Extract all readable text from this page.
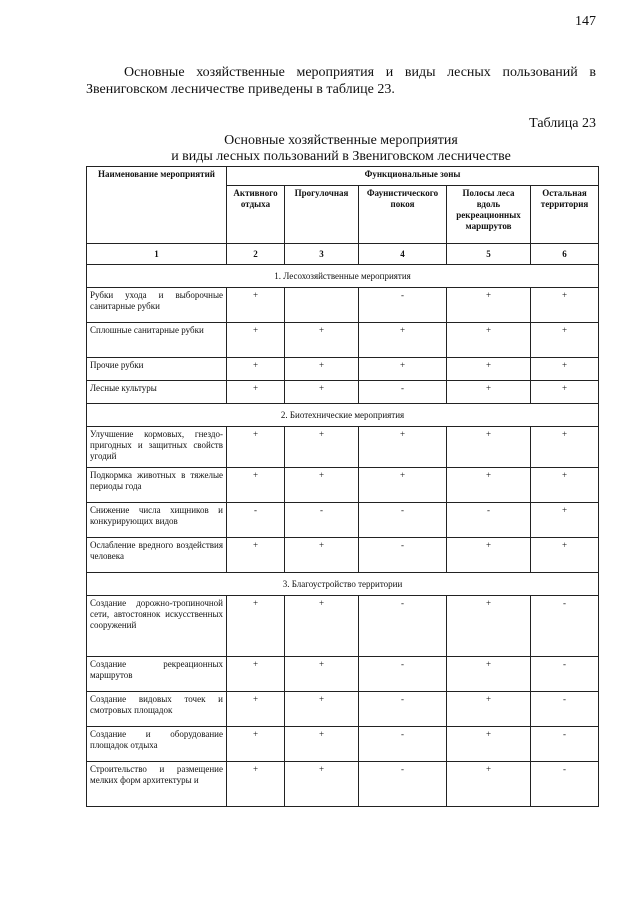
147

Основные хозяйственные мероприятия и виды лесных пользований в Звениговском лесничестве приведены в таблице 23.

Таблица 23
Основные хозяйственные мероприятия
и виды лесных пользований в Звениговском лесничестве
Наименование мероприятий	Функциональные зоны				
	Активного отдыха	Прогулочная	Фаунистического покоя	Полосы леса вдоль рекреационных маршрутов	Остальная территория
1	2	3	4	5	6
1. Лесохозяйственные мероприятия					
Рубки ухода и выборочные санитарные рубки	+		-	+	+
Сплошные санитарные рубки	+	+	+	+	+
Прочие рубки	+	+	+	+	+
Лесные культуры	+	+	-	+	+
2. Биотехнические мероприятия					
Улучшение кормовых, гнездо-пригодных и защитных свойств угодий	+	+	+	+	+
Подкормка животных в тяжелые периоды года	+	+	+	+	+
Снижение числа хищников и конкурирующих видов	-	-	-	-	+
Ослабление вредного воздействия человека	+	+	-	+	+
3. Благоустройство территории					
Создание дорожно-тропиночной сети, автостоянок искусственных сооружений	+	+	-	+	-
Создание рекреационных маршрутов	+	+	-	+	-
Создание видовых точек и смотровых площадок	+	+	-	+	-
Создание и оборудование площадок отдыха	+	+	-	+	-
Строительство и размещение мелких форм архитектуры и	+	+	-	+	-
